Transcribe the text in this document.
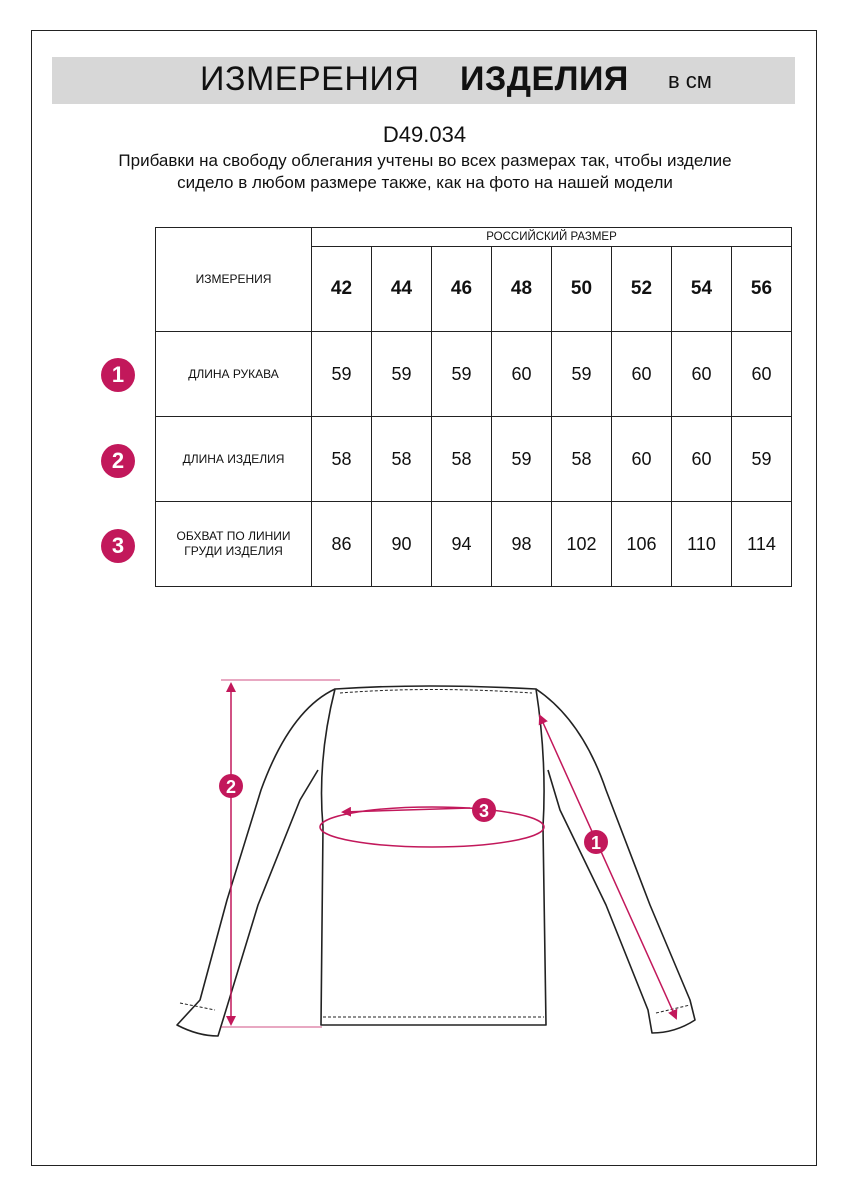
ИЗМЕРЕНИЯ ИЗДЕЛИЯ в см
D49.034
Прибавки на свободу облегания учтены во всех размерах так, чтобы изделие сидело в любом размере также, как на фото на нашей модели
ИЗМЕРЕНИЯ	РОССИЙСКИЙ РАЗМЕР							
	42	44	46	48	50	52	54	56
ДЛИНА РУКАВА	59	59	59	60	59	60	60	60
ДЛИНА ИЗДЕЛИЯ	58	58	58	59	58	60	60	59
ОБХВАТ ПО ЛИНИИ ГРУДИ ИЗДЕЛИЯ	86	90	94	98	102	106	110	114
1
2
3
2
3
1
